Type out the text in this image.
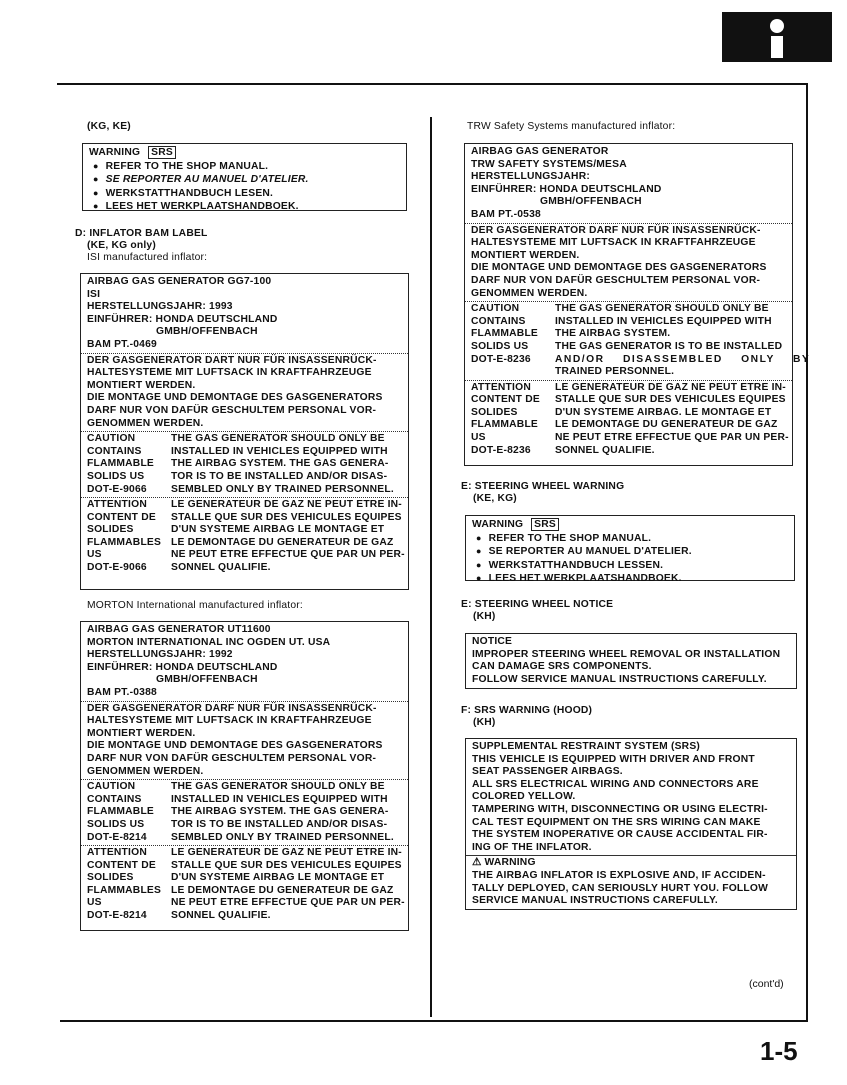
(KG, KE)
WARNING SRS
● REFER TO THE SHOP MANUAL.
● SE REPORTER AU MANUEL D'ATELIER.
● WERKSTATTHANDBUCH LESEN.
● LEES HET WERKPLAATSHANDBOEK.
D: INFLATOR BAM LABEL
(KE, KG only)
ISI manufactured inflator:
AIRBAG GAS GENERATOR GG7-100
ISI
HERSTELLUNGSJAHR: 1993
EINFÜHRER: HONDA DEUTSCHLAND
GMBH/OFFENBACH
BAM PT.-0469
DER GASGENERATOR DART NUR FÜR INSASSENRÜCK-
HALTESYSTEME MIT LUFTSACK IN KRAFTFAHRZEUGE
MONTIERT WERDEN.
DIE MONTAGE UND DEMONTAGE DES GASGENERATORS
DARF NUR VON DAFÜR GESCHULTEM PERSONAL VOR-
GENOMMEN WERDEN.
CAUTION
CONTAINS
FLAMMABLE
SOLIDS US
DOT-E-9066
THE GAS GENERATOR SHOULD ONLY BE
INSTALLED IN VEHICLES EQUIPPED WITH
THE AIRBAG SYSTEM. THE GAS GENERA-
TOR IS TO BE INSTALLED AND/OR DISAS-
SEMBLED ONLY BY TRAINED PERSONNEL.
ATTENTION
CONTENT DE
SOLIDES
FLAMMABLES
US
DOT-E-9066
LE GENERATEUR DE GAZ NE PEUT ETRE IN-
STALLE QUE SUR DES VEHICULES EQUIPES
D'UN SYSTEME AIRBAG LE MONTAGE ET
LE DEMONTAGE DU GENERATEUR DE GAZ
NE PEUT ETRE EFFECTUE QUE PAR UN PER-
SONNEL QUALIFIE.
MORTON International manufactured inflator:
AIRBAG GAS GENERATOR UT11600
MORTON INTERNATIONAL INC OGDEN UT. USA
HERSTELLUNGSJAHR: 1992
EINFÜHRER: HONDA DEUTSCHLAND
GMBH/OFFENBACH
BAM PT.-0388
DER GASGENERATOR DARF NUR FÜR INSASSENRÜCK-
HALTESYSTEME MIT LUFTSACK IN KRAFTFAHRZEUGE
MONTIERT WERDEN.
DIE MONTAGE UND DEMONTAGE DES GASGENERATORS
DARF NUR VON DAFÜR GESCHULTEM PERSONAL VOR-
GENOMMEN WERDEN.
CAUTION
CONTAINS
FLAMMABLE
SOLIDS US
DOT-E-8214
THE GAS GENERATOR SHOULD ONLY BE
INSTALLED IN VEHICLES EQUIPPED WITH
THE AIRBAG SYSTEM. THE GAS GENERA-
TOR IS TO BE INSTALLED AND/OR DISAS-
SEMBLED ONLY BY TRAINED PERSONNEL.
ATTENTION
CONTENT DE
SOLIDES
FLAMMABLES
US
DOT-E-8214
LE GENERATEUR DE GAZ NE PEUT ETRE IN-
STALLE QUE SUR DES VEHICULES EQUIPES
D'UN SYSTEME AIRBAG LE MONTAGE ET
LE DEMONTAGE DU GENERATEUR DE GAZ
NE PEUT ETRE EFFECTUE QUE PAR UN PER-
SONNEL QUALIFIE.
TRW Safety Systems manufactured inflator:
AIRBAG GAS GENERATOR
TRW SAFETY SYSTEMS/MESA
HERSTELLUNGSJAHR:
EINFÜHRER: HONDA DEUTSCHLAND
GMBH/OFFENBACH
BAM PT.-0538
DER GASGENERATOR DARF NUR FÜR INSASSENRÜCK-
HALTESYSTEME MIT LUFTSACK IN KRAFTFAHRZEUGE
MONTIERT WERDEN.
DIE MONTAGE UND DEMONTAGE DES GASGENERATORS
DARF NUR VON DAFÜR GESCHULTEM PERSONAL VOR-
GENOMMEN WERDEN.
CAUTION
CONTAINS
FLAMMABLE
SOLIDS US
DOT-E-8236
THE GAS GENERATOR SHOULD ONLY BE
INSTALLED IN VEHICLES EQUIPPED WITH
THE AIRBAG SYSTEM.
THE GAS GENERATOR IS TO BE INSTALLED
AND/OR DISASSEMBLED ONLY BY
TRAINED PERSONNEL.
ATTENTION
CONTENT DE
SOLIDES
FLAMMABLE
US
DOT-E-8236
LE GENERATEUR DE GAZ NE PEUT ETRE IN-
STALLE QUE SUR DES VEHICULES EQUIPES
D'UN SYSTEME AIRBAG. LE MONTAGE ET
LE DEMONTAGE DU GENERATEUR DE GAZ
NE PEUT ETRE EFFECTUE QUE PAR UN PER-
SONNEL QUALIFIE.
E: STEERING WHEEL WARNING
(KE, KG)
WARNING SRS
● REFER TO THE SHOP MANUAL.
● SE REPORTER AU MANUEL D'ATELIER.
● WERKSTATTHANDBUCH LESSEN.
● LEES HET WERKPLAATSHANDBOEK.
E: STEERING WHEEL NOTICE
(KH)
NOTICE
IMPROPER STEERING WHEEL REMOVAL OR INSTALLATION
CAN DAMAGE SRS COMPONENTS.
FOLLOW SERVICE MANUAL INSTRUCTIONS CAREFULLY.
F: SRS WARNING (HOOD)
(KH)
SUPPLEMENTAL RESTRAINT SYSTEM (SRS)
THIS VEHICLE IS EQUIPPED WITH DRIVER AND FRONT
SEAT PASSENGER AIRBAGS.
ALL SRS ELECTRICAL WIRING AND CONNECTORS ARE
COLORED YELLOW.
TAMPERING WITH, DISCONNECTING OR USING ELECTRI-
CAL TEST EQUIPMENT ON THE SRS WIRING CAN MAKE
THE SYSTEM INOPERATIVE OR CAUSE ACCIDENTAL FIR-
ING OF THE INFLATOR.
⚠ WARNING
THE AIRBAG INFLATOR IS EXPLOSIVE AND, IF ACCIDEN-
TALLY DEPLOYED, CAN SERIOUSLY HURT YOU. FOLLOW
SERVICE MANUAL INSTRUCTIONS CAREFULLY.
(cont'd)
1-5
